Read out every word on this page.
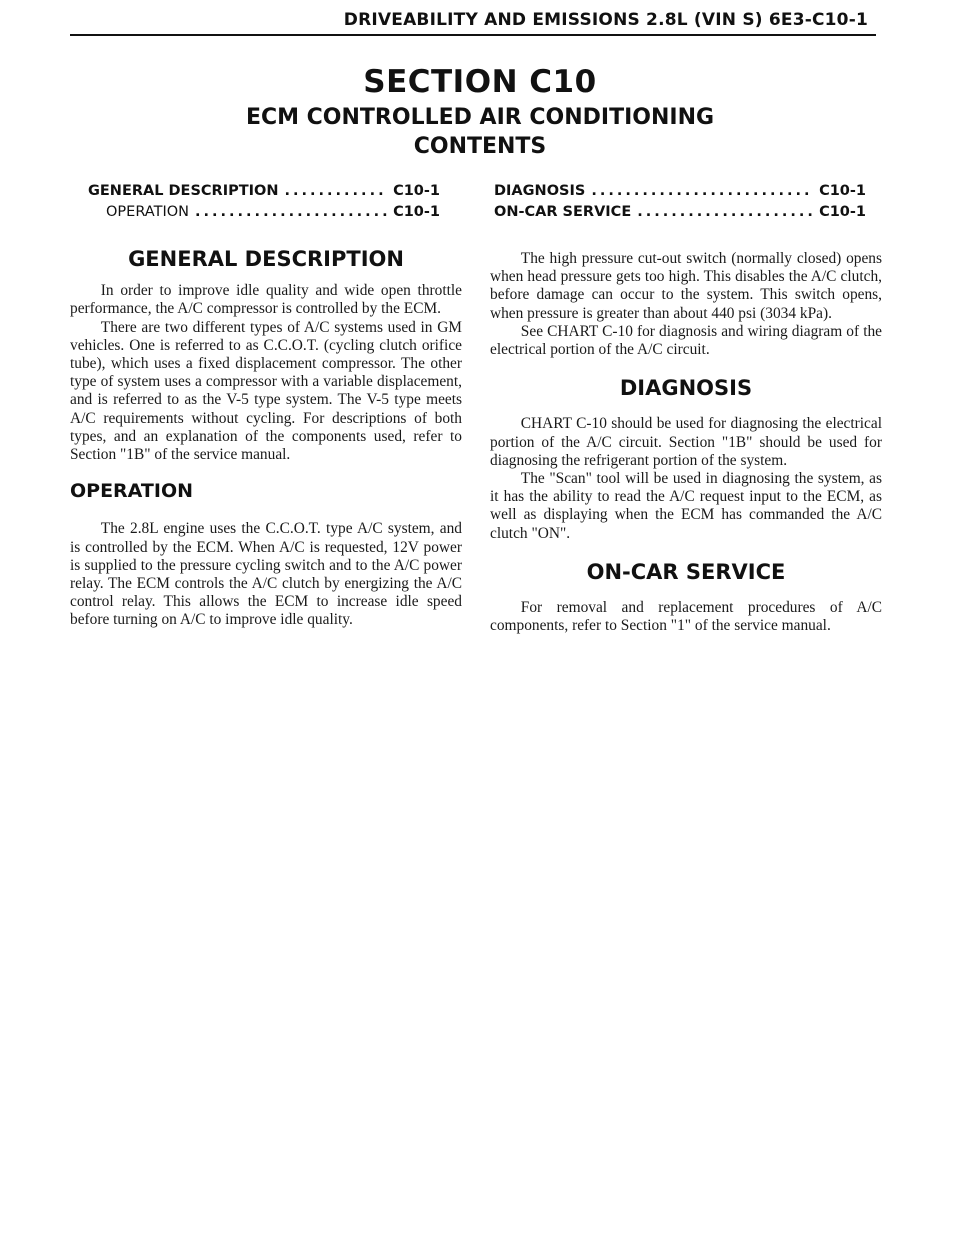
DRIVEABILITY AND EMISSIONS 2.8L (VIN S) 6E3-C10-1
SECTION C10
ECM CONTROLLED AIR CONDITIONING
CONTENTS
GENERAL DESCRIPTION .....	C10-1
OPERATION .....	C10-1
DIAGNOSIS .....	C10-1
ON-CAR SERVICE .....	C10-1
GENERAL DESCRIPTION

In order to improve idle quality and wide open throttle performance, the A/C compressor is controlled by the ECM.

There are two different types of A/C systems used in GM vehicles. One is referred to as C.C.O.T. (cycling clutch orifice tube), which uses a fixed displacement compressor. The other type of system uses a compressor with a variable displacement, and is referred to as the V-5 type system. The V-5 type meets A/C requirements without cycling. For descriptions of both types, and an explanation of the components used, refer to Section "1B" of the service manual.

OPERATION

The 2.8L engine uses the C.C.O.T. type A/C system, and is controlled by the ECM. When A/C is requested, 12V power is supplied to the pressure cycling switch and to the A/C power relay. The ECM controls the A/C clutch by energizing the A/C control relay. This allows the ECM to increase idle speed before turning on A/C to improve idle quality.

The high pressure cut-out switch (normally closed) opens when head pressure gets too high. This disables the A/C clutch, before damage can occur to the system. This switch opens, when pressure is greater than about 440 psi (3034 kPa).

See CHART C-10 for diagnosis and wiring diagram of the electrical portion of the A/C circuit.

DIAGNOSIS

CHART C-10 should be used for diagnosing the electrical portion of the A/C circuit. Section "1B" should be used for diagnosing the refrigerant portion of the system.

The "Scan" tool will be used in diagnosing the system, as it has the ability to read the A/C request input to the ECM, as well as displaying when the ECM has commanded the A/C clutch "ON".

ON-CAR SERVICE

For removal and replacement procedures of A/C components, refer to Section "1" of the service manual.
